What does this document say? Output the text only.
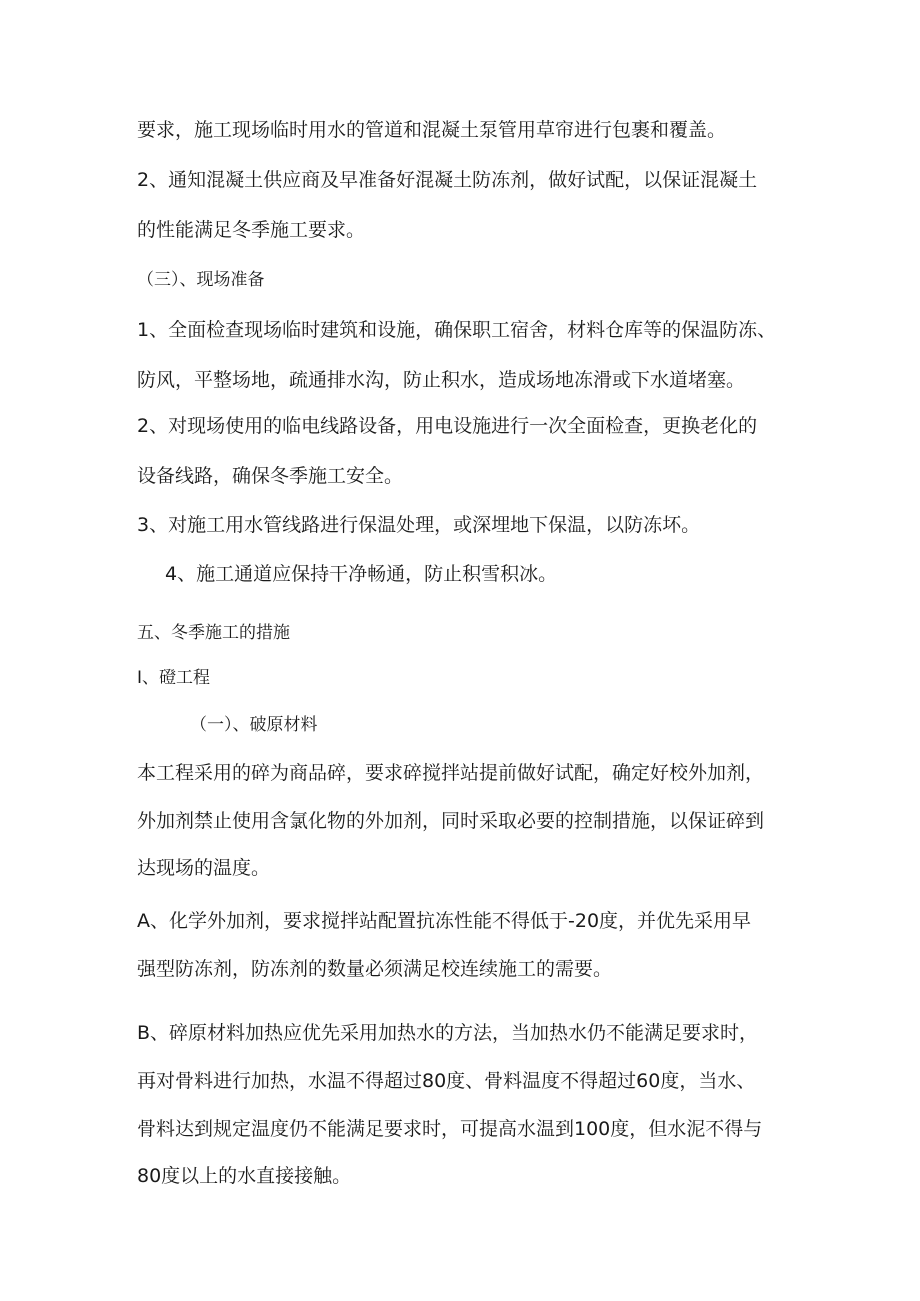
要求，施工现场临时用水的管道和混凝土泵管用草帘进行包裹和覆盖。
2、通知混凝土供应商及早准备好混凝土防冻剂，做好试配，以保证混凝土
的性能满足冬季施工要求。
（三）、现场准备
1、全面检查现场临时建筑和设施，确保职工宿舍，材料仓库等的保温防冻、
防风，平整场地，疏通排水沟，防止积水，造成场地冻滑或下水道堵塞。
2、对现场使用的临电线路设备，用电设施进行一次全面检查，更换老化的
设备线路，确保冬季施工安全。
3、对施工用水管线路进行保温处理，或深埋地下保温，以防冻坏。
4、施工通道应保持干净畅通，防止积雪积冰。
五、冬季施工的措施
I、磴工程
（一）、破原材料
本工程采用的碎为商品碎，要求碎搅拌站提前做好试配，确定好校外加剂，
外加剂禁止使用含氯化物的外加剂，同时采取必要的控制措施，以保证碎到
达现场的温度。
A、化学外加剂，要求搅拌站配置抗冻性能不得低于-20度，并优先采用早
强型防冻剂，防冻剂的数量必须满足校连续施工的需要。
B、碎原材料加热应优先采用加热水的方法，当加热水仍不能满足要求时，
再对骨料进行加热，水温不得超过80度、骨料温度不得超过60度，当水、
骨料达到规定温度仍不能满足要求时，可提高水温到100度，但水泥不得与
80度以上的水直接接触。
